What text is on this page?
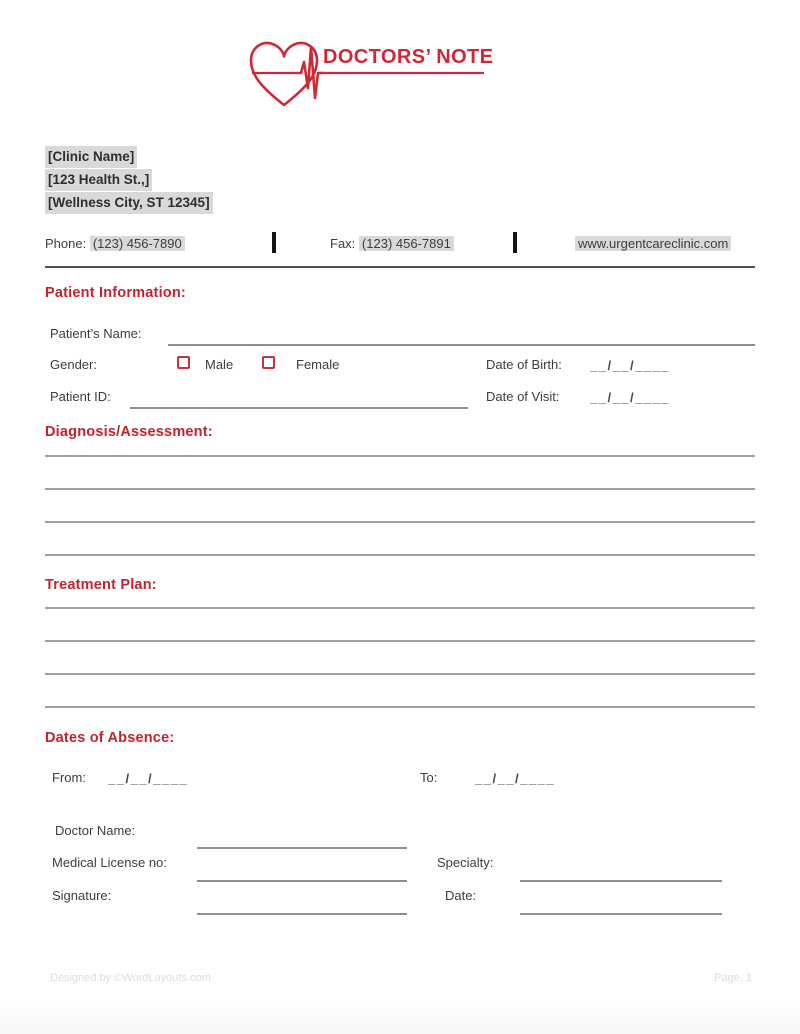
DOCTORS’ NOTE
[Clinic Name]
[123 Health St.,]
[Wellness City, ST 12345]
Phone: (123) 456-7890	Fax: (123) 456-7891	www.urgentcareclinic.com
Patient Information:
Patient’s Name:
Gender:	Male	Female	Date of Birth: __/__/____
Patient ID:	Date of Visit: __/__/____
Diagnosis/Assessment:
Treatment Plan:
Dates of Absence:
From: __/__/____	To:	__/__/____
Doctor Name:
Medical License no:	Specialty:
Signature:	Date:
Designed by ©WordLayouts.com	Page. 1
